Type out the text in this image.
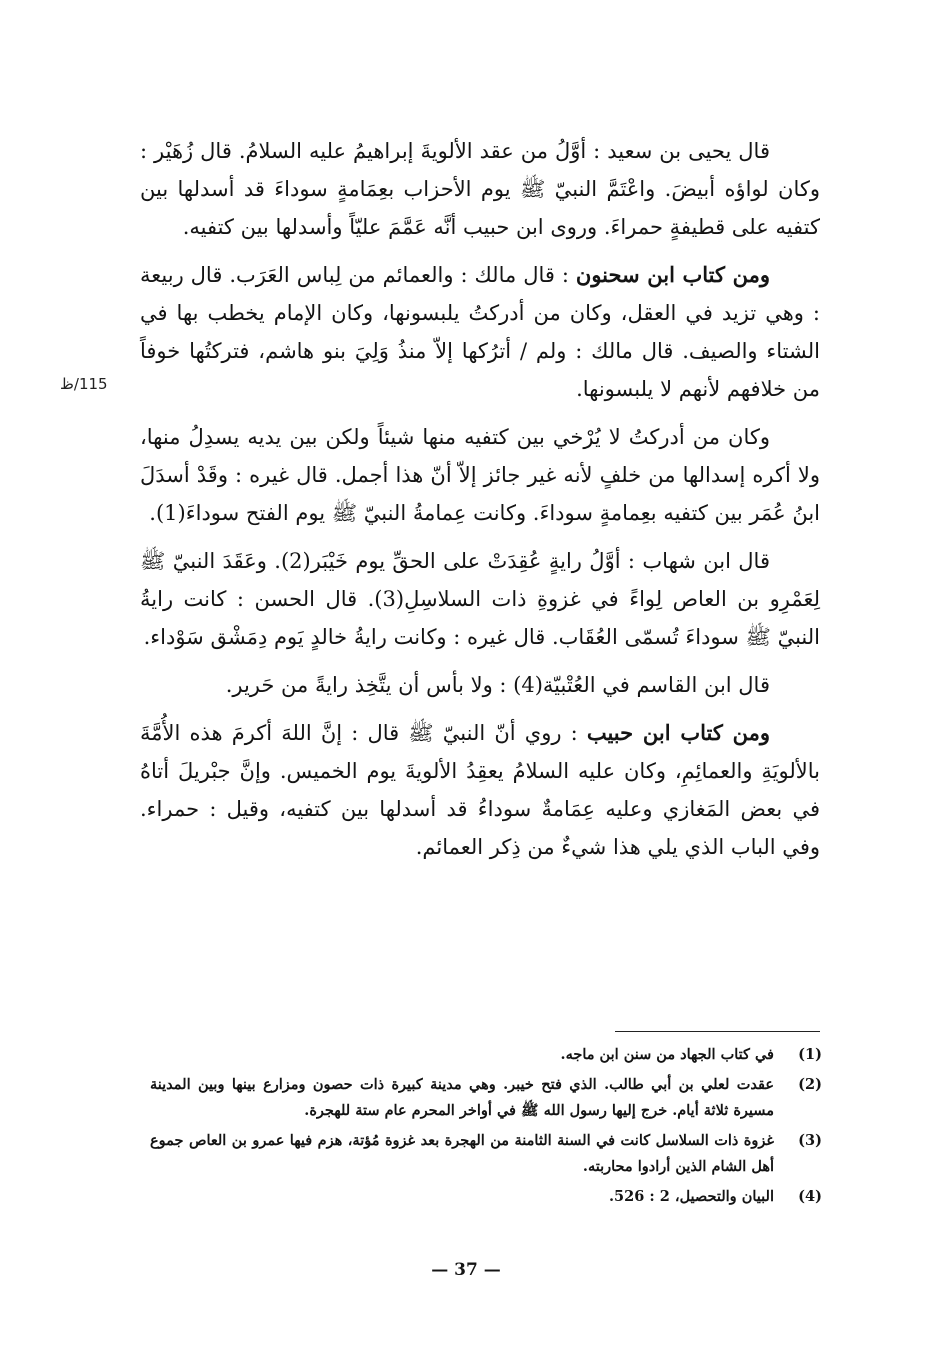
قال يحيى بن سعيد : أوَّلُ من عقد الألويةَ إبراهيمُ عليه السلامُ. قال زُهَيْر : وكان لواؤه أبيضَ. واعْتَمَّ النبيّ ﷺ يوم الأحزاب بعِمَامةٍ سوداءَ قد أسدلها بين كتفيه على قطيفةٍ حمراءَ. وروى ابن حبيب أنَّه عَمَّمَ عليّاً وأسدلها بين كتفيه.

ومن كتاب ابن سحنون : قال مالك : والعمائم من لِباس العَرَب. قال ربيعة : وهي تزيد في العقل، وكان من أدركتُ يلبسونها، وكان الإمام يخطب بها في الشتاء والصيف. قال مالك : ولم / أترُكها إلاّ منذُ وَلِيَ بنو هاشم، فتركتُها خوفاً من خلافهم لأنهم لا يلبسونها.

وكان من أدركتُ لا يُرْخي بين كتفيه منها شيئاً ولكن بين يديه يسدِلُ منها، ولا أكره إسدالها من خلفٍ لأنه غير جائز إلاّ أنّ هذا أجمل. قال غيره : وقَدْ أسدَلَ ابنُ عُمَر بين كتفيه بعِمامةٍ سوداءَ. وكانت عِمامةُ النبيّ ﷺ يوم الفتح سوداءَ(1).

قال ابن شهاب : أوَّلُ رايةٍ عُقِدَتْ على الحقِّ يوم خَيْبَر(2). وعَقَدَ النبيّ ﷺ لِعَمْرِو بن العاص لِواءً في غزوةِ ذات السلاسِلِ(3). قال الحسن : كانت رايةُ النبيّ ﷺ سوداءَ تُسمّى العُقَاب. قال غيره : وكانت رايةُ خالدٍ يَوم دِمَشْق سَوْداء.

قال ابن القاسم في العُتْبيّة(4) : ولا بأس أن يتَّخِذ رايةً من حَرير.

ومن كتاب ابن حبيب : روي أنّ النبيّ ﷺ قال : إنَّ اللهَ أكرمَ هذه الأُمَّةَ بالألويَةِ والعمائِمِ، وكان عليه السلامُ يعقِدُ الألويةَ يوم الخميس. وإنَّ جبْريلَ أتاهُ في بعض المَغازي وعليه عِمَامةٌ سوداءُ قد أسدلها بين كتفيه، وقيل : حمراء. وفي الباب الذي يلي هذا شيءٌ من ذِكر العمائم.

115/ظ
(1)
في كتاب الجهاد من سنن ابن ماجه.
(2)
عقدت لعلي بن أبي طالب. الذي فتح خيبر. وهي مدينة كبيرة ذات حصون ومزارع بينها وبين المدينة مسيرة ثلاثة أيام. خرج إليها رسول الله ﷺ في أواخر المحرم عام ستة للهجرة.
(3)
غزوة ذات السلاسل كانت في السنة الثامنة من الهجرة بعد غزوة مُؤتة، هزم فيها عمرو بن العاص جموع أهل الشام الذين أرادوا محاربته.
(4)
البيان والتحصيل، 2 : 526.
— 37 —
